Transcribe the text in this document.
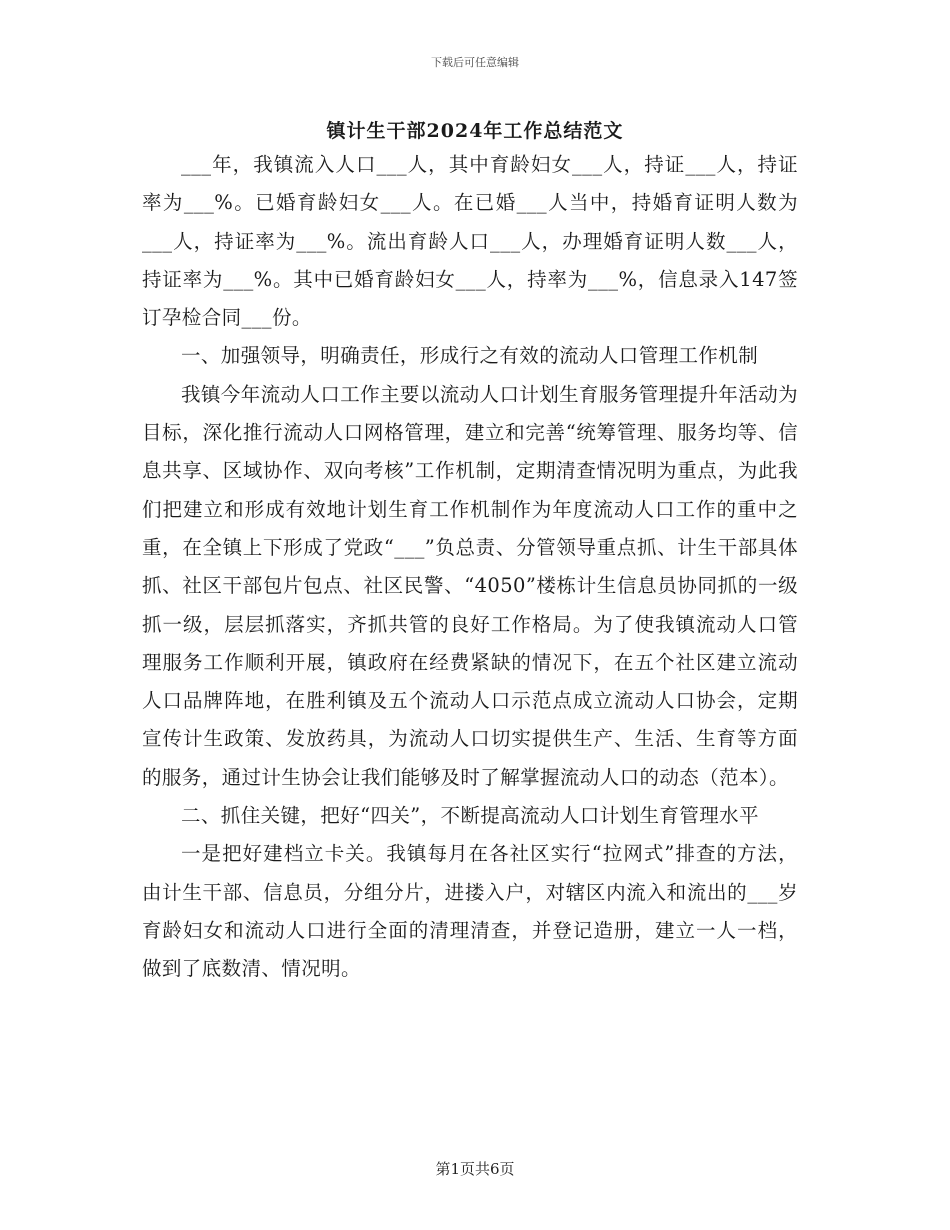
下载后可任意编辑
镇计生干部2024年工作总结范文

___年，我镇流入人口___人，其中育龄妇女___人，持证___人，持证率为___%。已婚育龄妇女___人。在已婚___人当中，持婚育证明人数为___人，持证率为___%。流出育龄人口___人，办理婚育证明人数___人，持证率为___%。其中已婚育龄妇女___人，持率为___%，信息录入147签订孕检合同___份。

一、加强领导，明确责任，形成行之有效的流动人口管理工作机制

我镇今年流动人口工作主要以流动人口计划生育服务管理提升年活动为目标，深化推行流动人口网格管理，建立和完善“统筹管理、服务均等、信息共享、区域协作、双向考核”工作机制，定期清查情况明为重点，为此我们把建立和形成有效地计划生育工作机制作为年度流动人口工作的重中之重，在全镇上下形成了党政“___”负总责、分管领导重点抓、计生干部具体抓、社区干部包片包点、社区民警、“4050”楼栋计生信息员协同抓的一级抓一级，层层抓落实，齐抓共管的良好工作格局。为了使我镇流动人口管理服务工作顺利开展，镇政府在经费紧缺的情况下，在五个社区建立流动人口品牌阵地，在胜利镇及五个流动人口示范点成立流动人口协会，定期宣传计生政策、发放药具，为流动人口切实提供生产、生活、生育等方面的服务，通过计生协会让我们能够及时了解掌握流动人口的动态（范本）。

二、抓住关键，把好“四关”，不断提高流动人口计划生育管理水平

一是把好建档立卡关。我镇每月在各社区实行“拉网式”排查的方法，由计生干部、信息员，分组分片，进搂入户，对辖区内流入和流出的___岁育龄妇女和流动人口进行全面的清理清查，并登记造册，建立一人一档，做到了底数清、情况明。

第1页共6页
